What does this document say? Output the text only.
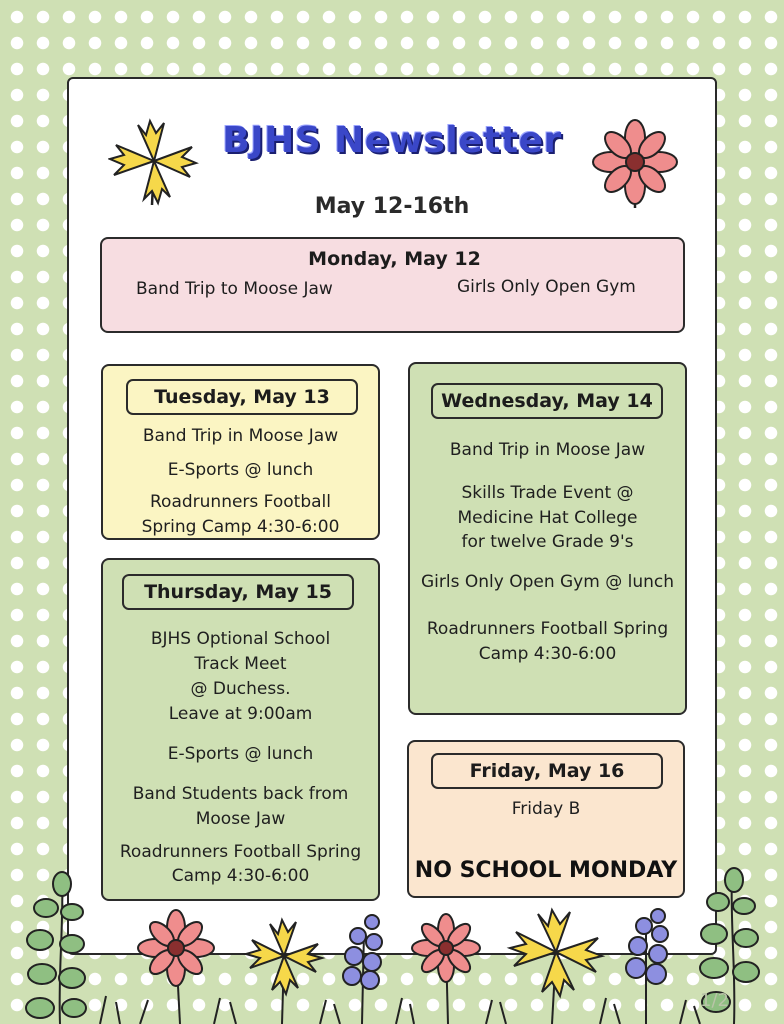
BJHS Newsletter
May 12-16th
Monday, May 12
Band Trip to Moose Jaw	Girls Only Open Gym
Tuesday, May 13
Band Trip in Moose Jaw
E-Sports @ lunch
Roadrunners Football
Spring Camp 4:30-6:00
Wednesday, May 14
Band Trip in Moose Jaw
Skills Trade Event @
Medicine Hat College
for twelve Grade 9's
Girls Only Open Gym @ lunch
Roadrunners Football Spring
Camp 4:30-6:00
Thursday, May 15
BJHS Optional School
Track Meet
@ Duchess.
Leave at 9:00am
E-Sports @ lunch
Band Students back from
Moose Jaw
Roadrunners Football Spring
Camp 4:30-6:00
Friday, May 16
Friday B
NO SCHOOL MONDAY
1/2
